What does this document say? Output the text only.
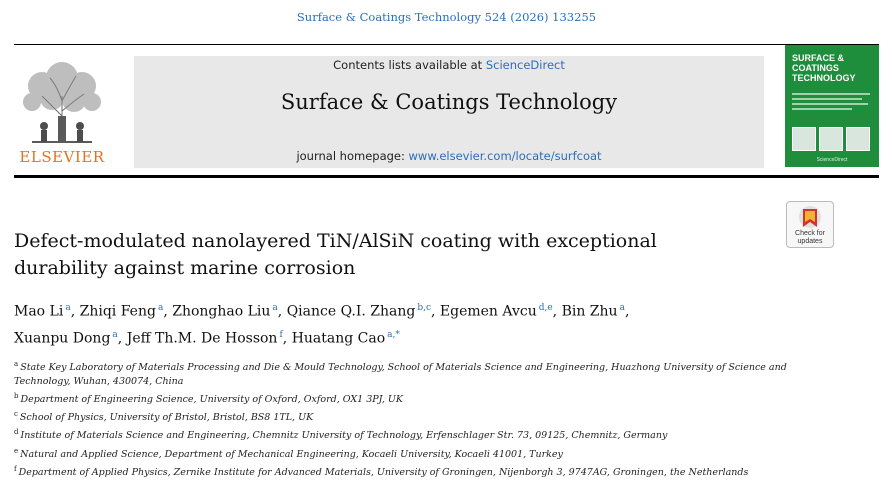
Surface & Coatings Technology 524 (2026) 133255
ELSEVIER
Contents lists available at ScienceDirect
Surface & Coatings Technology
journal homepage: www.elsevier.com/locate/surfcoat
SURFACE &
COATINGS
TECHNOLOGY
ScienceDirect
Check for
updates
Defect-modulated nanolayered TiN/AlSiN coating with exceptional
durability against marine corrosion
Mao Li $^a$, Zhiqi Feng $^a$, Zhonghao Liu $^a$, Qiance Q.I. Zhang $^{b,c}$, Egemen Avcu $^{d,e}$, Bin Zhu $^a$,
Xuanpu Dong $^a$, Jeff Th.M. De Hosson $^f$, Huatang Cao $^{a,*}$
$^a$ State Key Laboratory of Materials Processing and Die & Mould Technology, School of Materials Science and Engineering, Huazhong University of Science and
Technology, Wuhan, 430074, China
$^b$ Department of Engineering Science, University of Oxford, Oxford, OX1 3PJ, UK
$^c$ School of Physics, University of Bristol, Bristol, BS8 1TL, UK
$^d$ Institute of Materials Science and Engineering, Chemnitz University of Technology, Erfenschlager Str. 73, 09125, Chemnitz, Germany
$^e$ Natural and Applied Science, Department of Mechanical Engineering, Kocaeli University, Kocaeli 41001, Turkey
$^f$ Department of Applied Physics, Zernike Institute for Advanced Materials, University of Groningen, Nijenborgh 3, 9747AG, Groningen, the Netherlands
